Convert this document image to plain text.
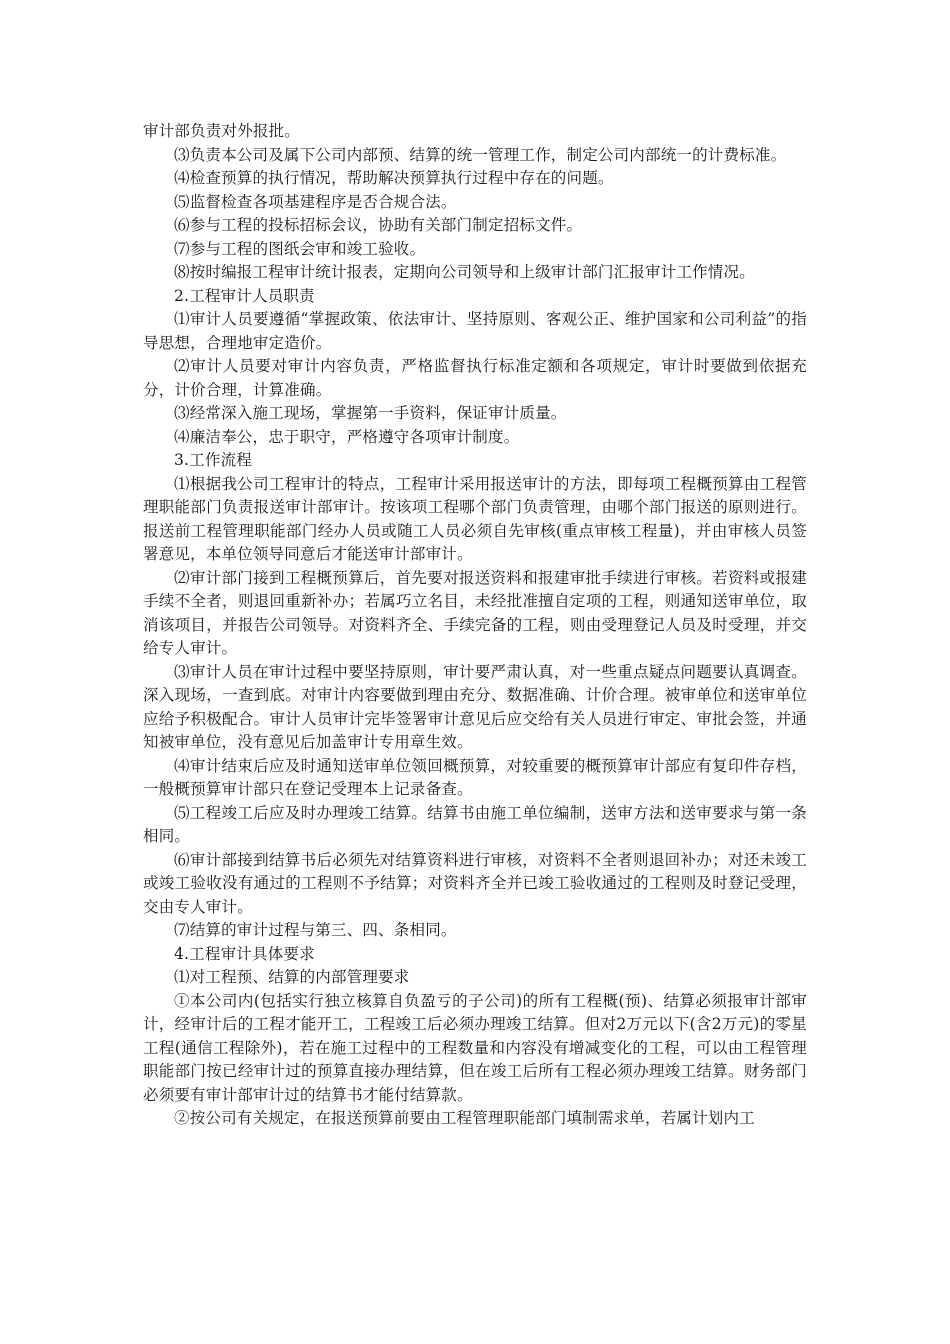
审计部负责对外报批。

⑶负责本公司及属下公司内部预、结算的统一管理工作，制定公司内部统一的计费标准。

⑷检查预算的执行情况，帮助解决预算执行过程中存在的问题。

⑸监督检查各项基建程序是否合规合法。

⑹参与工程的投标招标会议，协助有关部门制定招标文件。

⑺参与工程的图纸会审和竣工验收。

⑻按时编报工程审计统计报表，定期向公司领导和上级审计部门汇报审计工作情况。

2.工程审计人员职责

⑴审计人员要遵循“掌握政策、依法审计、坚持原则、客观公正、维护国家和公司利益”的指导思想，合理地审定造价。

⑵审计人员要对审计内容负责，严格监督执行标准定额和各项规定，审计时要做到依据充分，计价合理，计算准确。

⑶经常深入施工现场，掌握第一手资料，保证审计质量。

⑷廉洁奉公，忠于职守，严格遵守各项审计制度。

3.工作流程

⑴根据我公司工程审计的特点，工程审计采用报送审计的方法，即每项工程概预算由工程管理职能部门负责报送审计部审计。按该项工程哪个部门负责管理，由哪个部门报送的原则进行。报送前工程管理职能部门经办人员或随工人员必须自先审核(重点审核工程量)，并由审核人员签署意见，本单位领导同意后才能送审计部审计。

⑵审计部门接到工程概预算后，首先要对报送资料和报建审批手续进行审核。若资料或报建手续不全者，则退回重新补办；若属巧立名目，未经批准擅自定项的工程，则通知送审单位，取消该项目，并报告公司领导。对资料齐全、手续完备的工程，则由受理登记人员及时受理，并交给专人审计。

⑶审计人员在审计过程中要坚持原则，审计要严肃认真，对一些重点疑点问题要认真调查。深入现场，一查到底。对审计内容要做到理由充分、数据准确、计价合理。被审单位和送审单位应给予积极配合。审计人员审计完毕签署审计意见后应交给有关人员进行审定、审批会签，并通知被审单位，没有意见后加盖审计专用章生效。

⑷审计结束后应及时通知送审单位领回概预算，对较重要的概预算审计部应有复印件存档，一般概预算审计部只在登记受理本上记录备查。

⑸工程竣工后应及时办理竣工结算。结算书由施工单位编制，送审方法和送审要求与第一条相同。

⑹审计部接到结算书后必须先对结算资料进行审核，对资料不全者则退回补办；对还未竣工或竣工验收没有通过的工程则不予结算；对资料齐全并已竣工验收通过的工程则及时登记受理，交由专人审计。

⑺结算的审计过程与第三、四、条相同。

4.工程审计具体要求

⑴对工程预、结算的内部管理要求

①本公司内(包括实行独立核算自负盈亏的子公司)的所有工程概(预)、结算必须报审计部审计，经审计后的工程才能开工，工程竣工后必须办理竣工结算。但对2万元以下(含2万元)的零星工程(通信工程除外)，若在施工过程中的工程数量和内容没有增减变化的工程，可以由工程管理职能部门按已经审计过的预算直接办理结算，但在竣工后所有工程必须办理竣工结算。财务部门必须要有审计部审计过的结算书才能付结算款。

②按公司有关规定，在报送预算前要由工程管理职能部门填制需求单，若属计划内工
